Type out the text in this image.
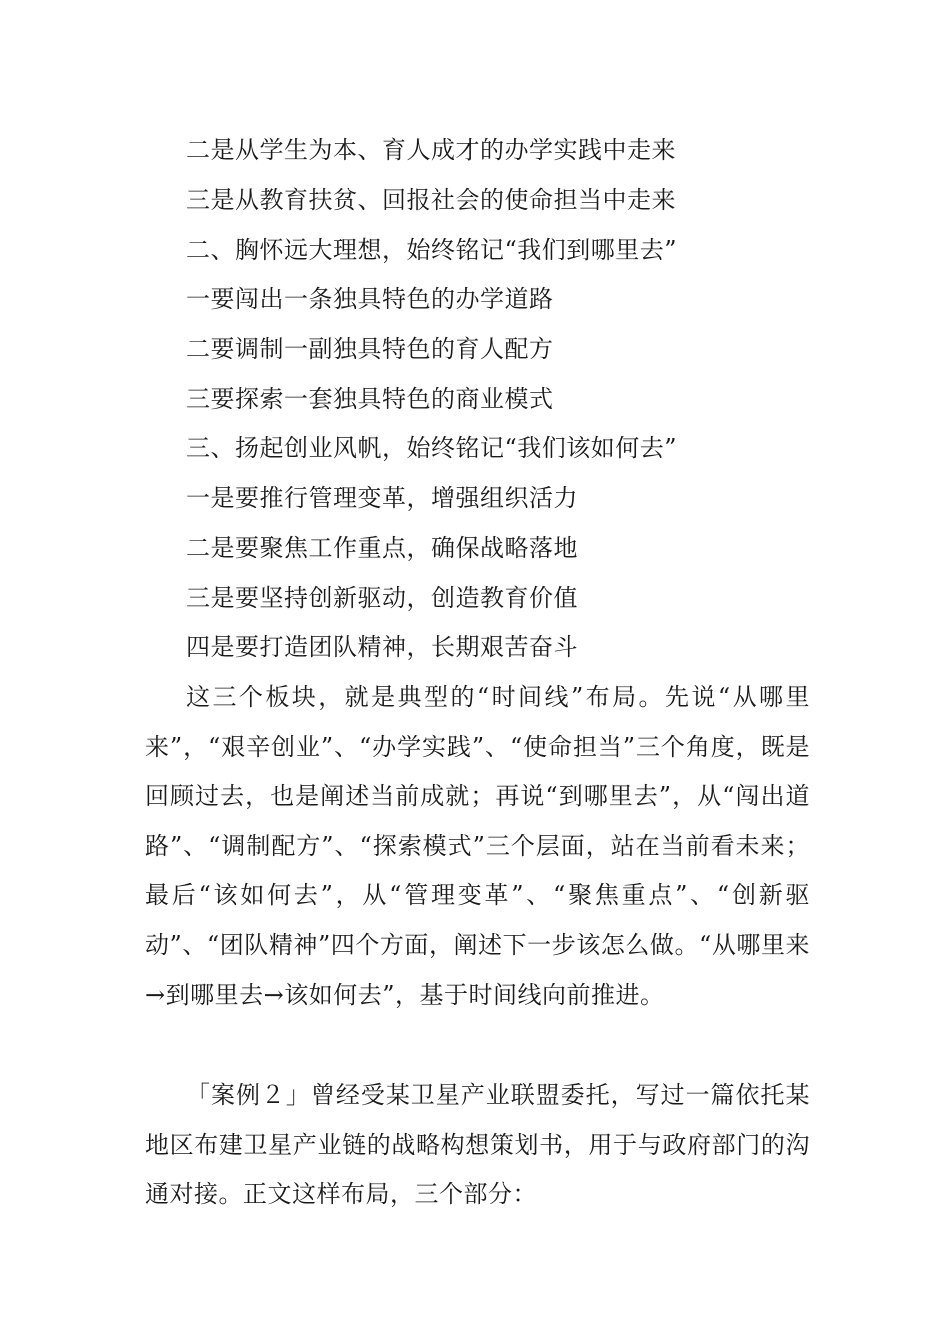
二是从学生为本、育人成才的办学实践中走来
三是从教育扶贫、回报社会的使命担当中走来
二、胸怀远大理想，始终铭记“我们到哪里去”
一要闯出一条独具特色的办学道路
二要调制一副独具特色的育人配方
三要探索一套独具特色的商业模式
三、扬起创业风帆，始终铭记“我们该如何去”
一是要推行管理变革，增强组织活力
二是要聚焦工作重点，确保战略落地
三是要坚持创新驱动，创造教育价值
四是要打造团队精神，长期艰苦奋斗

这三个板块，就是典型的“时间线”布局。先说“从哪里来”，“艰辛创业”、“办学实践”、“使命担当”三个角度，既是回顾过去，也是阐述当前成就；再说“到哪里去”，从“闯出道路”、“调制配方”、“探索模式”三个层面，站在当前看未来；最后“该如何去”，从“管理变革”、“聚焦重点”、“创新驱动”、“团队精神”四个方面，阐述下一步该怎么做。“从哪里来→到哪里去→该如何去”，基于时间线向前推进。

「案例２」曾经受某卫星产业联盟委托，写过一篇依托某地区布建卫星产业链的战略构想策划书，用于与政府部门的沟通对接。正文这样布局，三个部分：
